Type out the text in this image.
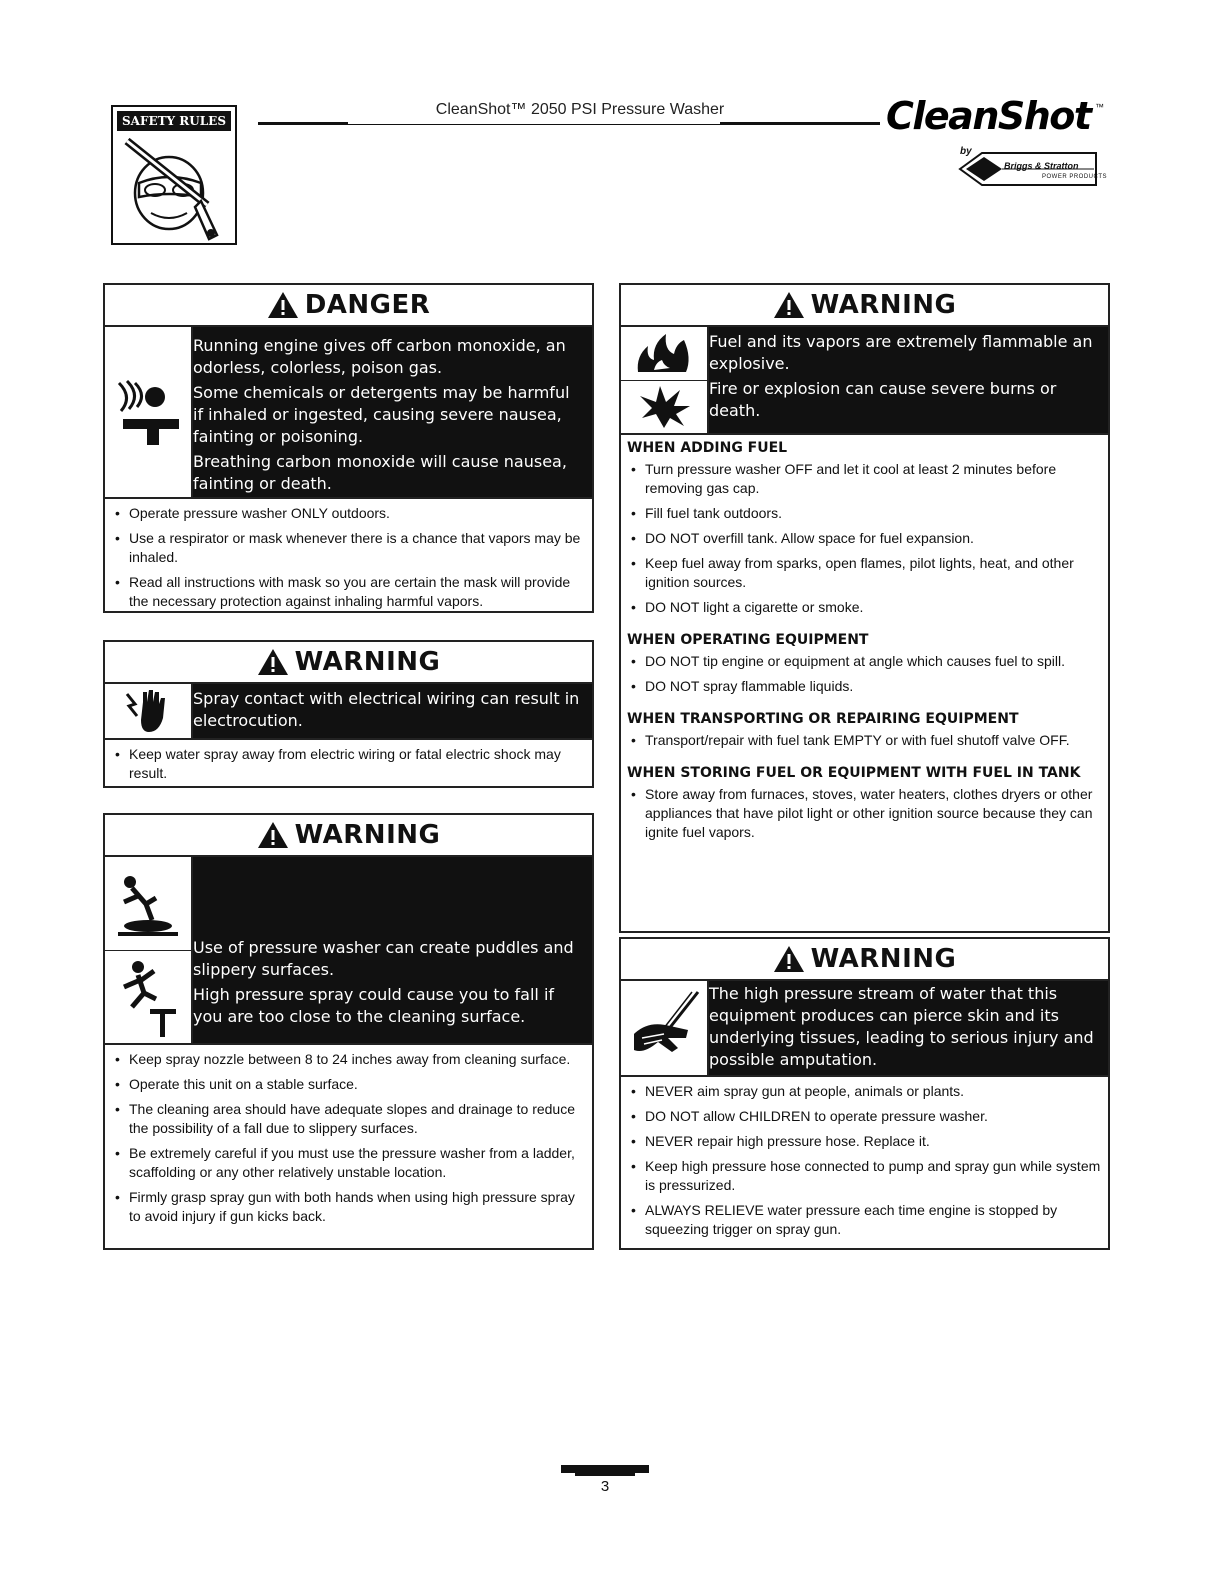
SAFETY RULES
CleanShot™ 2050 PSI Pressure Washer	CleanShot ™
by
Briggs & Stratton
POWER PRODUCTS
DANGER

Running engine gives off carbon monoxide, an odorless, colorless, poison gas.

Some chemicals or detergents may be harmful if inhaled or ingested, causing severe nausea, fainting or poisoning.

Breathing carbon monoxide will cause nausea, fainting or death.

• Operate pressure washer ONLY outdoors.
• Use a respirator or mask whenever there is a chance that vapors may be inhaled.
• Read all instructions with mask so you are certain the mask will provide the necessary protection against inhaling harmful vapors.
WARNING

Spray contact with electrical wiring can result in electrocution.

• Keep water spray away from electric wiring or fatal electric shock may result.
WARNING

Use of pressure washer can create puddles and slippery surfaces.

High pressure spray could cause you to fall if you are too close to the cleaning surface.

• Keep spray nozzle between 8 to 24 inches away from cleaning surface.
• Operate this unit on a stable surface.
• The cleaning area should have adequate slopes and drainage to reduce the possibility of a fall due to slippery surfaces.
• Be extremely careful if you must use the pressure washer from a ladder, scaffolding or any other relatively unstable location.
• Firmly grasp spray gun with both hands when using high pressure spray to avoid injury if gun kicks back.
WARNING

Fuel and its vapors are extremely flammable an explosive.

Fire or explosion can cause severe burns or death.

WHEN ADDING FUEL
• Turn pressure washer OFF and let it cool at least 2 minutes before removing gas cap.
• Fill fuel tank outdoors.
• DO NOT overfill tank. Allow space for fuel expansion.
• Keep fuel away from sparks, open flames, pilot lights, heat, and other ignition sources.
• DO NOT light a cigarette or smoke.
WHEN OPERATING EQUIPMENT
• DO NOT tip engine or equipment at angle which causes fuel to spill.
• DO NOT spray flammable liquids.
WHEN TRANSPORTING OR REPAIRING EQUIPMENT
• Transport/repair with fuel tank EMPTY or with fuel shutoff valve OFF.
WHEN STORING FUEL OR EQUIPMENT WITH FUEL IN TANK
• Store away from furnaces, stoves, water heaters, clothes dryers or other appliances that have pilot light or other ignition source because they can ignite fuel vapors.
WARNING

The high pressure stream of water that this equipment produces can pierce skin and its underlying tissues, leading to serious injury and possible amputation.

• NEVER aim spray gun at people, animals or plants.
• DO NOT allow CHILDREN to operate pressure washer.
• NEVER repair high pressure hose. Replace it.
• Keep high pressure hose connected to pump and spray gun while system is pressurized.
• ALWAYS RELIEVE water pressure each time engine is stopped by squeezing trigger on spray gun.
3
